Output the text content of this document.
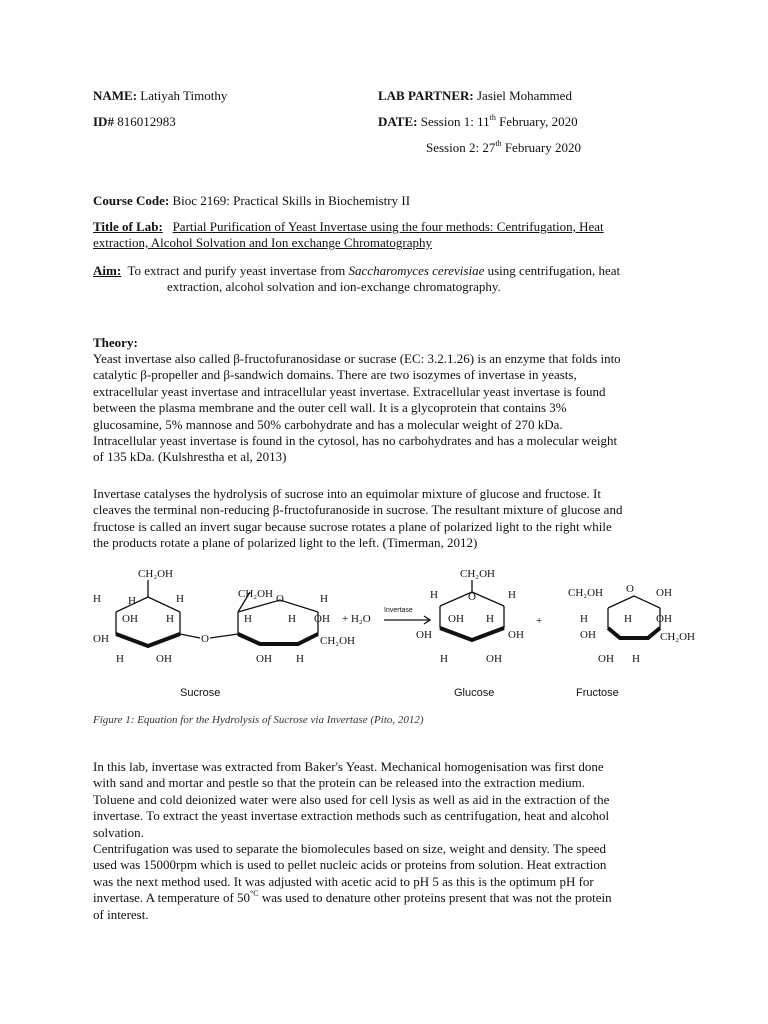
NAME: Latiyah Timothy	LAB PARTNER: Jasiel Mohammed
ID# 816012983	DATE: Session 1: 11th February, 2020
Session 2: 27th February 2020
Course Code: Bioc 2169: Practical Skills in Biochemistry II
Title of Lab: Partial Purification of Yeast Invertase using the four methods: Centrifugation, Heat
extraction, Alcohol Solvation and Ion exchange Chromatography
Aim: To extract and purify yeast invertase from Saccharomyces cerevisiae using centrifugation, heat
extraction, alcohol solvation and ion-exchange chromatography.
Theory:
Yeast invertase also called β-fructofuranosidase or sucrase (EC: 3.2.1.26) is an enzyme that folds into
catalytic β-propeller and β-sandwich domains. There are two isozymes of invertase in yeasts,
extracellular yeast invertase and intracellular yeast invertase. Extracellular yeast invertase is found
between the plasma membrane and the outer cell wall. It is a glycoprotein that contains 3%
glucosamine, 5% mannose and 50% carbohydrate and has a molecular weight of 270 kDa.
Intracellular yeast invertase is found in the cytosol, has no carbohydrates and has a molecular weight
of 135 kDa. (Kulshrestha et al, 2013)
Invertase catalyses the hydrolysis of sucrose into an equimolar mixture of glucose and fructose. It
cleaves the terminal non-reducing β-fructofuranoside in sucrose. The resultant mixture of glucose and
fructose is called an invert sugar because sucrose rotates a plane of polarized light to the right while
the products rotate a plane of polarized light to the left. (Timerman, 2012)
CH₂OH
H H	H
OH	H
OH
H	OH
O
CH₂OH O	H
H	H OH
CH₂OH
OH H
+ H₂O
CH₂OH
H	O	H
OH H
OH	OH
H	OH
+
CH₂OH O OH
H	H OH
CH₂OH
OH
OH H
Invertase
Sucrose	Glucose	Fructose
Figure 1: Equation for the Hydrolysis of Sucrose via Invertase (Pito, 2012)
In this lab, invertase was extracted from Baker's Yeast. Mechanical homogenisation was first done
with sand and mortar and pestle so that the protein can be released into the extraction medium.
Toluene and cold deionized water were also used for cell lysis as well as aid in the extraction of the
invertase. To extract the yeast invertase extraction methods such as centrifugation, heat and alcohol
solvation.
Centrifugation was used to separate the biomolecules based on size, weight and density. The speed
used was 15000rpm which is used to pellet nucleic acids or proteins from solution. Heat extraction
was the next method used. It was adjusted with acetic acid to pH 5 as this is the optimum pH for
invertase. A temperature of $50^{^\circ C}$ was used to denature other proteins present that was not the protein
of interest.
